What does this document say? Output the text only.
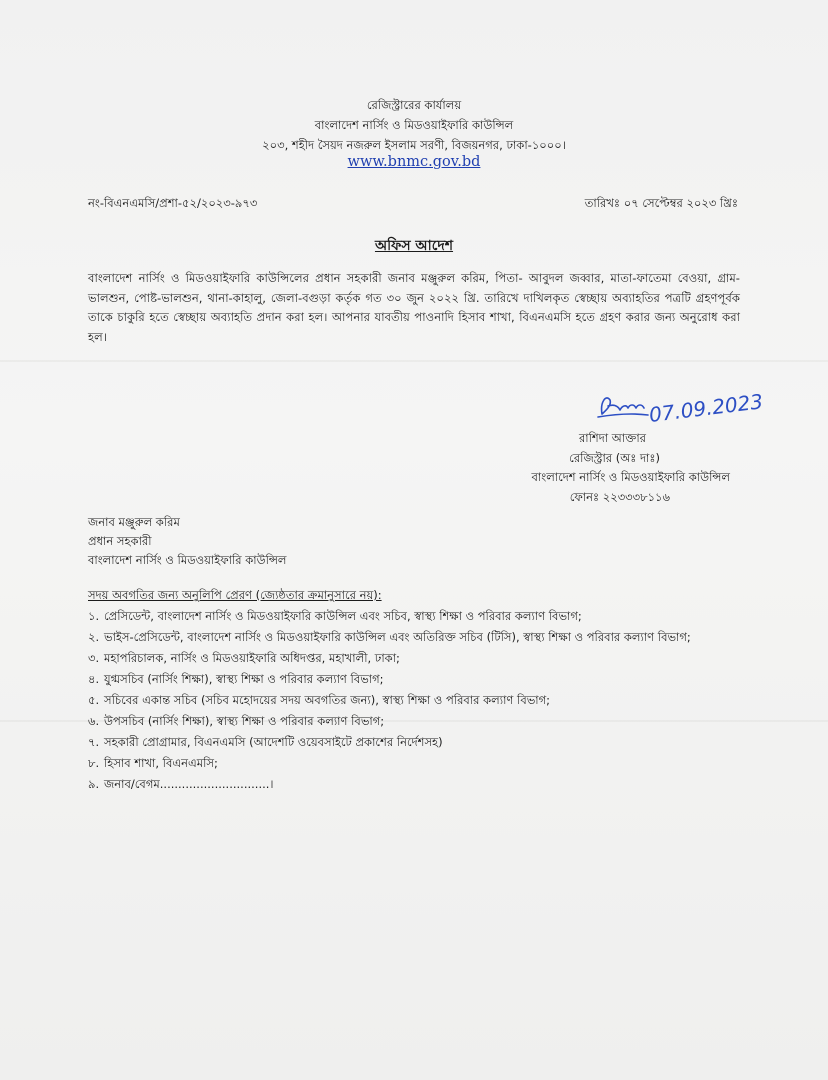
রেজিস্ট্রারের কার্যালয়
বাংলাদেশ নার্সিং ও মিডওয়াইফারি কাউন্সিল
২০৩, শহীদ সৈয়দ নজরুল ইসলাম সরণী, বিজয়নগর, ঢাকা-১০০০।
www.bnmc.gov.bd
নং-বিএনএমসি/প্রশা-৫২/২০২৩-৯৭৩	তারিখঃ ০৭ সেপ্টেম্বর ২০২৩ খ্রিঃ
অফিস আদেশ
বাংলাদেশ নার্সিং ও মিডওয়াইফারি কাউন্সিলের প্রধান সহকারী জনাব মঞ্জুরুল করিম, পিতা- আবুদল জব্বার, মাতা-ফাতেমা বেওয়া, গ্রাম-ভালশুন, পোষ্ট-ভালশুন, থানা-কাহালু, জেলা-বগুড়া কর্তৃক গত ৩০ জুন ২০২২ খ্রি. তারিখে দাখিলকৃত স্বেচ্ছায় অব্যাহতির পত্রটি গ্রহণপূর্বক তাকে চাকুরি হতে স্বেচ্ছায় অব্যাহতি প্রদান করা হল। আপনার যাবতীয় পাওনাদি হিসাব শাখা, বিএনএমসি হতে গ্রহণ করার জন্য অনুরোধ করা হল।
07.09.2023
রাশিদা আক্তার
রেজিস্ট্রার (অঃ দাঃ)
বাংলাদেশ নার্সিং ও মিডওয়াইফারি কাউন্সিল
ফোনঃ ২২৩৩৩৮১১৬
জনাব মঞ্জুরুল করিম
প্রধান সহকারী
বাংলাদেশ নার্সিং ও মিডওয়াইফারি কাউন্সিল
সদয় অবগতির জন্য অনুলিপি প্রেরণ (জ্যেষ্ঠতার ক্রমানুসারে নয়):
১. প্রেসিডেন্ট, বাংলাদেশ নার্সিং ও মিডওয়াইফারি কাউন্সিল এবং সচিব, স্বাস্থ্য শিক্ষা ও পরিবার কল্যাণ বিভাগ;
২. ভাইস-প্রেসিডেন্ট, বাংলাদেশ নার্সিং ও মিডওয়াইফারি কাউন্সিল এবং অতিরিক্ত সচিব (টিসি), স্বাস্থ্য শিক্ষা ও পরিবার কল্যাণ বিভাগ;
৩. মহাপরিচালক, নার্সিং ও মিডওয়াইফারি অধিদপ্তর, মহাখালী, ঢাকা;
৪. যুগ্মসচিব (নার্সিং শিক্ষা), স্বাস্থ্য শিক্ষা ও পরিবার কল্যাণ বিভাগ;
৫. সচিবের একান্ত সচিব (সচিব মহোদয়ের সদয় অবগতির জন্য), স্বাস্থ্য শিক্ষা ও পরিবার কল্যাণ বিভাগ;
৬. উপসচিব (নার্সিং শিক্ষা), স্বাস্থ্য শিক্ষা ও পরিবার কল্যাণ বিভাগ;
৭. সহকারী প্রোগ্রামার, বিএনএমসি (আদেশটি ওয়েবসাইটে প্রকাশের নির্দেশসহ)
৮. হিসাব শাখা, বিএনএমসি;
৯. জনাব/বেগম..............................।
